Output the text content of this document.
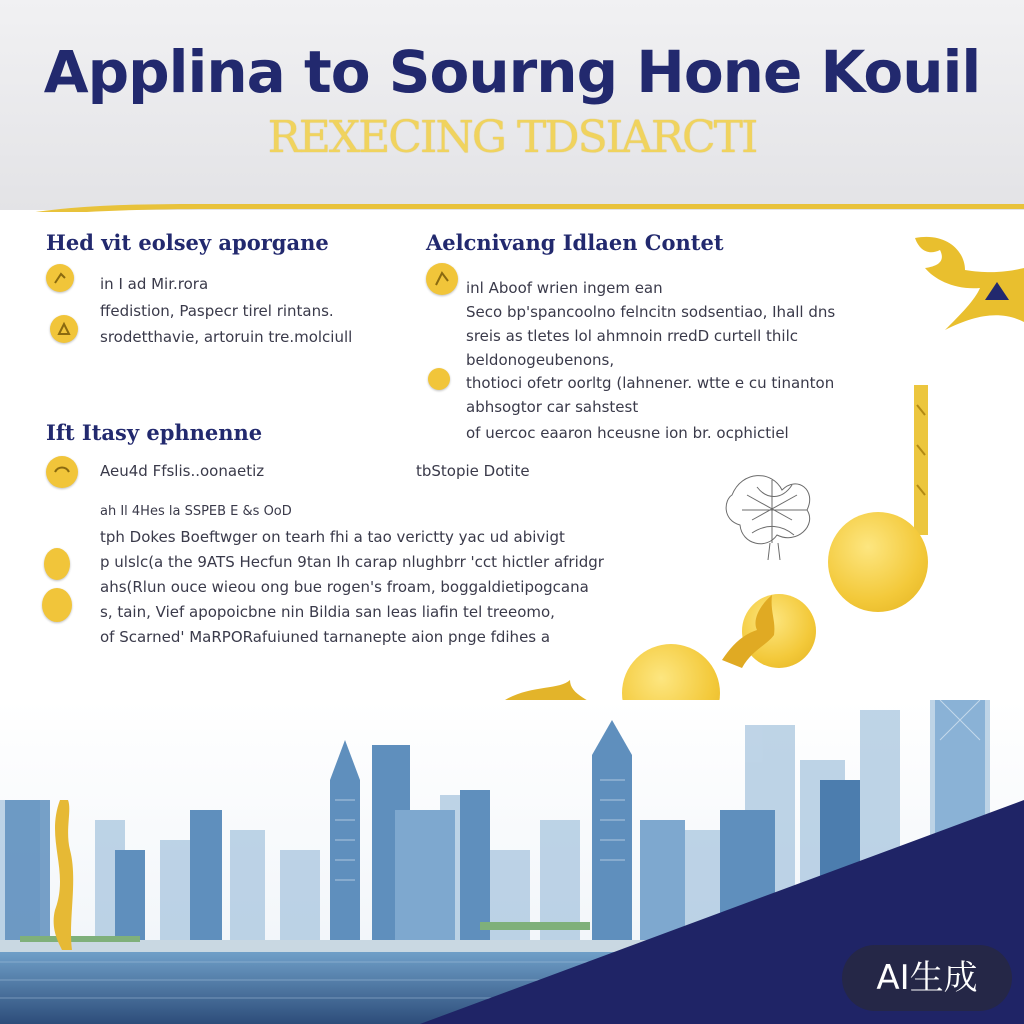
Applina to Sourng Hone Kouil
REXECING TDSIARCTI
Hed vit eolsey aporgane
in I ad Mir.rora
ffedistion, Paspecr tirel rintans.
srodetthavie, artoruin tre.molciull
Aelcnivang Idlaen Contet
inl Aboof wrien ingem ean
Seco bp'spancoolno felncitn sodsentiao, Ihall dns
sreis as tletes lol ahmnoin rredD curtell thilc
beldonogeubenons,
thotioci ofetr oorltg (lahnener. wtte e cu tinanton
abhsogtor car sahstest
of uercoc eaaron hceusne ion br. ocphictiel
Ift Itasy ephnenne
Aeu4d Ffslis..oonaetiz	tbStopie Dotite
ah Il 4Hes la SSPEB E &s OoD
tph Dokes Boeftwger on tearh fhi a tao verictty yac ud abivigt
p ulslc(a the 9ATS Hecfun 9tan Ih carap nlughbrr 'cct hictler afridgr
ahs(Rlun ouce wieou ong bue rogen's froam, boggaldietipogcana
s, tain, Vief apopoicbne nin Bildia san leas liafin tel treeomo,
of Scarned' MaRPORafuiuned tarnanepte aion pnge fdihes a
AI生成
